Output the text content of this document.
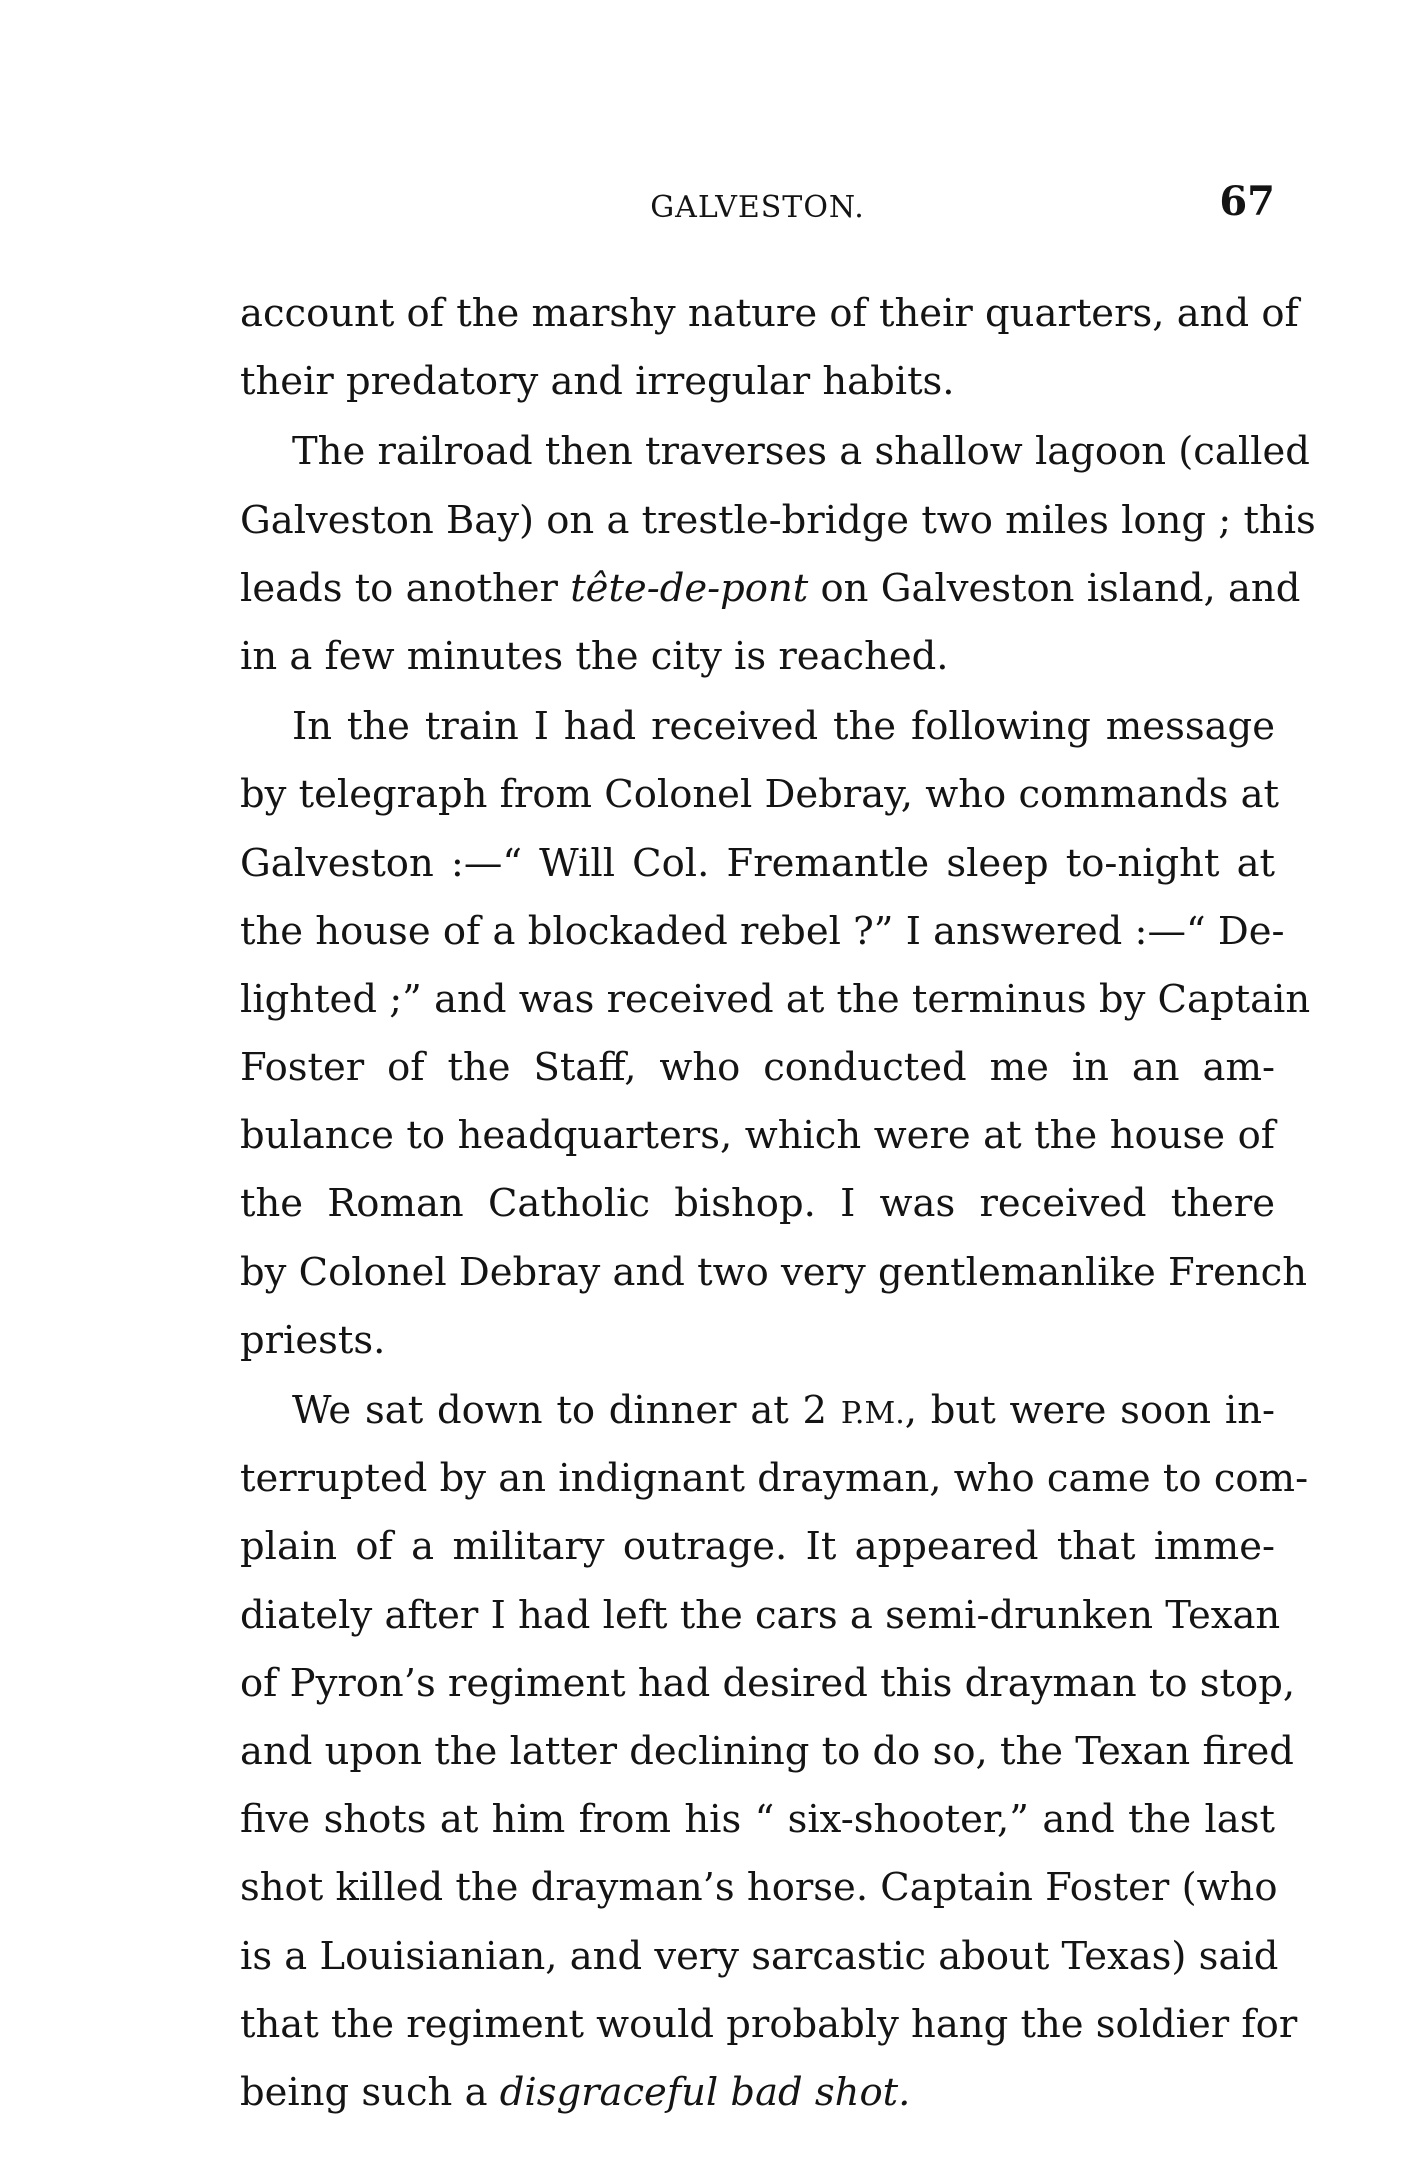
GALVESTON.	67
account of the marshy nature of their quarters, and of
their predatory and irregular habits.
The railroad then traverses a shallow lagoon (called
Galveston Bay) on a trestle-bridge two miles long ; this
leads to another tête-de-pont on Galveston island, and
in a few minutes the city is reached.
In the train I had received the following message
by telegraph from Colonel Debray, who commands at
Galveston :—“ Will Col. Fremantle sleep to-night at
the house of a blockaded rebel ?” I answered :—“ De-
lighted ;” and was received at the terminus by Captain
Foster of the Staff, who conducted me in an am-
bulance to headquarters, which were at the house of
the Roman Catholic bishop. I was received there
by Colonel Debray and two very gentlemanlike French
priests.
We sat down to dinner at 2 P.M., but were soon in-
terrupted by an indignant drayman, who came to com-
plain of a military outrage. It appeared that imme-
diately after I had left the cars a semi-drunken Texan
of Pyron’s regiment had desired this drayman to stop,
and upon the latter declining to do so, the Texan fired
five shots at him from his “ six-shooter,” and the last
shot killed the drayman’s horse. Captain Foster (who
is a Louisianian, and very sarcastic about Texas) said
that the regiment would probably hang the soldier for
being such a disgraceful bad shot.
